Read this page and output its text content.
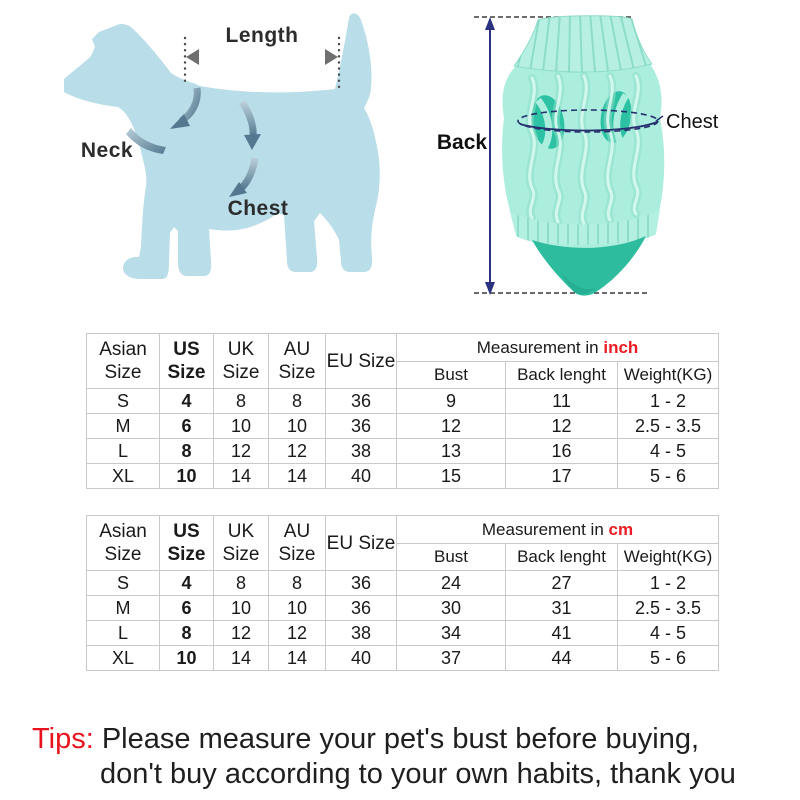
Length
Neck
Chest
Back
Chest
Asian Size	US Size	UK Size	AU Size	EU Size	Measurement in inch		
					Bust	Back lenght	Weight(KG)
S	4	8	8	36	9	11	1 - 2
M	6	10	10	36	12	12	2.5 - 3.5
L	8	12	12	38	13	16	4 - 5
XL	10	14	14	40	15	17	5 - 6
Asian Size	US Size	UK Size	AU Size	EU Size	Measurement in cm		
					Bust	Back lenght	Weight(KG)
S	4	8	8	36	24	27	1 - 2
M	6	10	10	36	30	31	2.5 - 3.5
L	8	12	12	38	34	41	4 - 5
XL	10	14	14	40	37	44	5 - 6
Tips: Please measure your pet's bust before buying,
don't buy according to your own habits, thank you
